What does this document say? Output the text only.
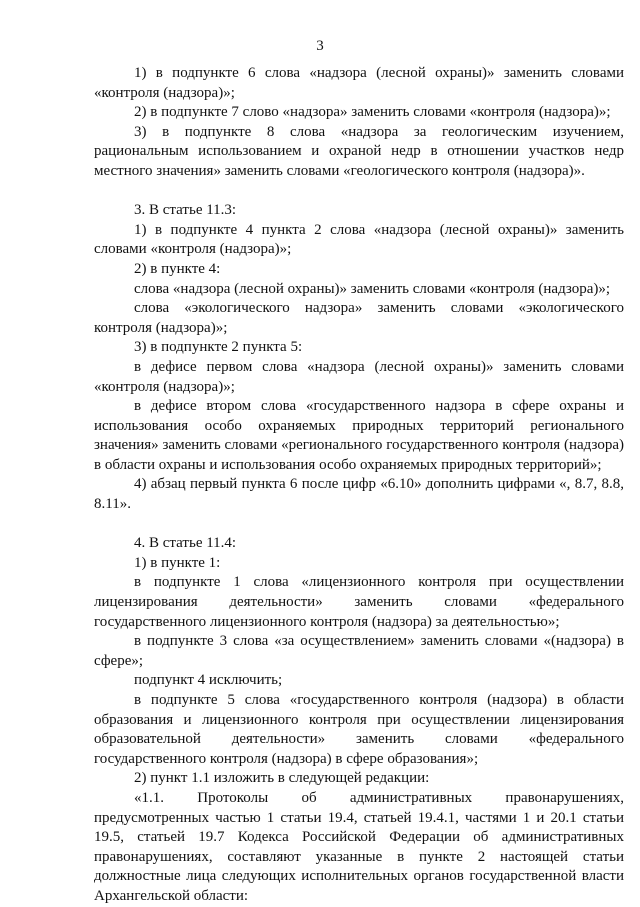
3

1) в подпункте 6 слова «надзора (лесной охраны)» заменить словами «контроля (надзора)»;

2) в подпункте 7 слово «надзора» заменить словами «контроля (надзора)»;

3) в подпункте 8 слова «надзора за геологическим изучением, рациональным использованием и охраной недр в отношении участков недр местного значения» заменить словами «геологического контроля (надзора)».

3. В статье 11.3:

1) в подпункте 4 пункта 2 слова «надзора (лесной охраны)» заменить словами «контроля (надзора)»;

2) в пункте 4:

слова «надзора (лесной охраны)» заменить словами «контроля (надзора)»;

слова «экологического надзора» заменить словами «экологического контроля (надзора)»;

3) в подпункте 2 пункта 5:

в дефисе первом слова «надзора (лесной охраны)» заменить словами «контроля (надзора)»;

в дефисе втором слова «государственного надзора в сфере охраны и использования особо охраняемых природных территорий регионального значения» заменить словами «регионального государственного контроля (надзора) в области охраны и использования особо охраняемых природных территорий»;

4) абзац первый пункта 6 после цифр «6.10» дополнить цифрами «, 8.7, 8.8, 8.11».

4. В статье 11.4:

1) в пункте 1:

в подпункте 1 слова «лицензионного контроля при осуществлении лицензирования деятельности» заменить словами «федерального государственного лицензионного контроля (надзора) за деятельностью»;

в подпункте 3 слова «за осуществлением» заменить словами «(надзора) в сфере»;

подпункт 4 исключить;

в подпункте 5 слова «государственного контроля (надзора) в области образования и лицензионного контроля при осуществлении лицензирования образовательной деятельности» заменить словами «федерального государственного контроля (надзора) в сфере образования»;

2) пункт 1.1 изложить в следующей редакции:

«1.1. Протоколы об административных правонарушениях, предусмотренных частью 1 статьи 19.4, статьей 19.4.1, частями 1 и 20.1 статьи 19.5, статьей 19.7 Кодекса Российской Федерации об административных правонарушениях, составляют указанные в пункте 2 настоящей статьи должностные лица следующих исполнительных органов государственной власти Архангельской области:
